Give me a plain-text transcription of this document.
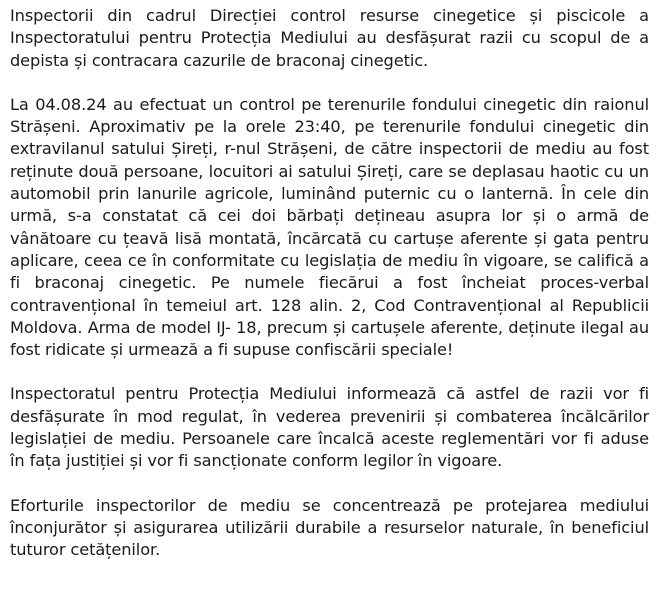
Inspectorii din cadrul Direcției control resurse cinegetice și piscicole a Inspectoratului pentru Protecția Mediului au desfășurat razii cu scopul de a depista și contracara cazurile de braconaj cinegetic.

La 04.08.24 au efectuat un control pe terenurile fondului cinegetic din raionul Strășeni. Aproximativ pe la orele 23:40, pe terenurile fondului cinegetic din extravilanul satului Șireți, r-nul Strășeni, de către inspectorii de mediu au fost reținute două persoane, locuitori ai satului Șireți, care se deplasau haotic cu un automobil prin lanurile agricole, luminând puternic cu o lanternă. În cele din urmă, s-a constatat că cei doi bărbați dețineau asupra lor și o armă de vânătoare cu țeavă lisă montată, încărcată cu cartușe aferente și gata pentru aplicare, ceea ce în conformitate cu legislația de mediu în vigoare, se califică a fi braconaj cinegetic. Pe numele fiecărui a fost încheiat proces-verbal contravențional în temeiul art. 128 alin. 2, Cod Contravențional al Republicii Moldova. Arma de model IJ- 18, precum și cartușele aferente, deținute ilegal au fost ridicate și urmează a fi supuse confiscării speciale!

Inspectoratul pentru Protecția Mediului informează că astfel de razii vor fi desfășurate în mod regulat, în vederea prevenirii și combaterea încălcărilor legislației de mediu. Persoanele care încalcă aceste reglementări vor fi aduse în fața justiției și vor fi sancționate conform legilor în vigoare.

Eforturile inspectorilor de mediu se concentrează pe protejarea mediului înconjurător și asigurarea utilizării durabile a resurselor naturale, în beneficiul tuturor cetățenilor.
